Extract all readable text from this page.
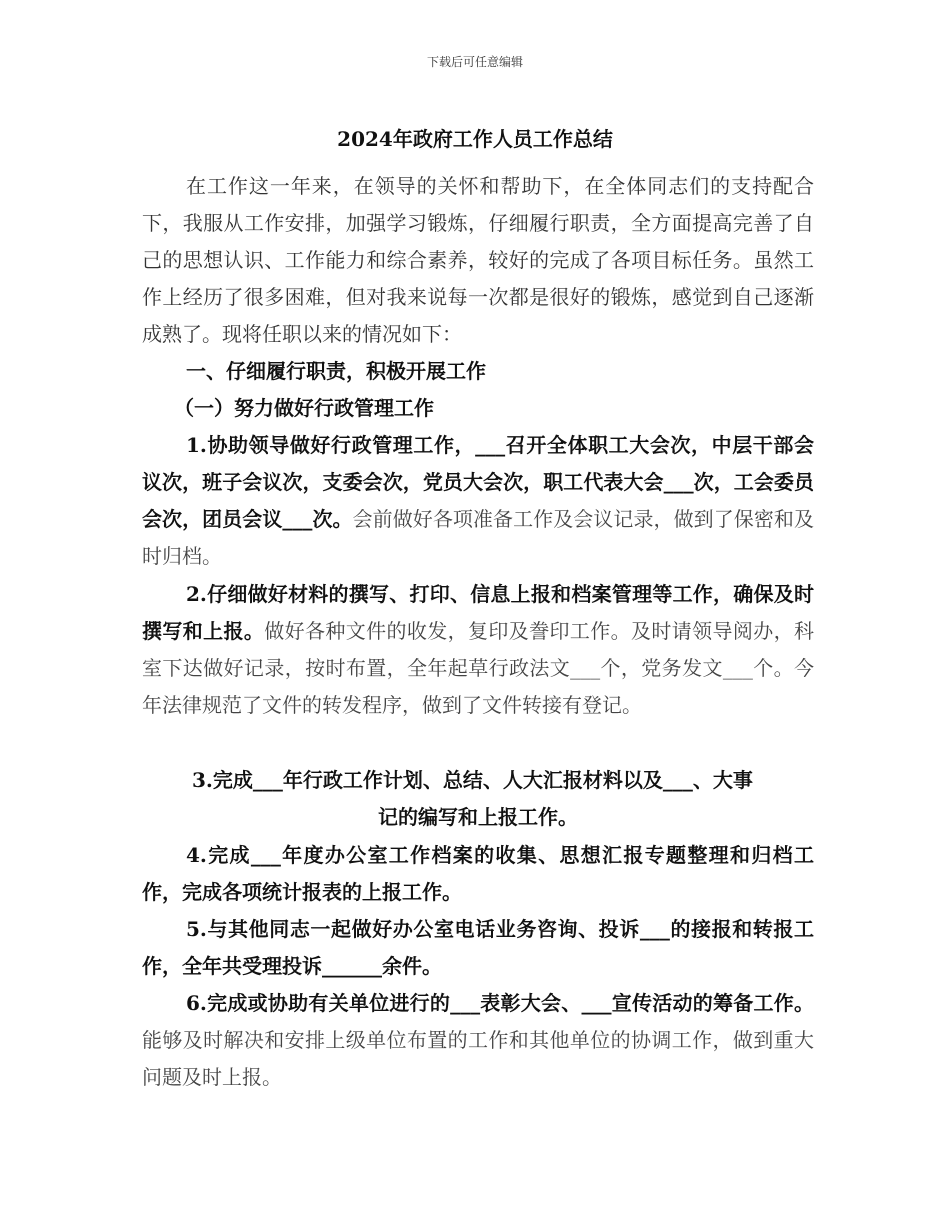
下载后可任意编辑
2024年政府工作人员工作总结
在工作这一年来，在领导的关怀和帮助下，在全体同志们的支持配合下，我服从工作安排，加强学习锻炼，仔细履行职责，全方面提高完善了自己的思想认识、工作能力和综合素养，较好的完成了各项目标任务。虽然工作上经历了很多困难，但对我来说每一次都是很好的锻炼，感觉到自己逐渐成熟了。现将任职以来的情况如下：
一、仔细履行职责，积极开展工作
（一）努力做好行政管理工作
1.协助领导做好行政管理工作，___召开全体职工大会次，中层干部会议次，班子会议次，支委会次，党员大会次，职工代表大会___次，工会委员会次，团员会议___次。会前做好各项准备工作及会议记录，做到了保密和及时归档。
2.仔细做好材料的撰写、打印、信息上报和档案管理等工作，确保及时撰写和上报。做好各种文件的收发，复印及誊印工作。及时请领导阅办，科室下达做好记录，按时布置，全年起草行政法文___个，党务发文___个。今年法律规范了文件的转发程序，做到了文件转接有登记。
3.完成___年行政工作计划、总结、人大汇报材料以及___、大事
记的编写和上报工作。
4.完成___年度办公室工作档案的收集、思想汇报专题整理和归档工作，完成各项统计报表的上报工作。
5.与其他同志一起做好办公室电话业务咨询、投诉___的接报和转报工作，全年共受理投诉______余件。
6.完成或协助有关单位进行的___表彰大会、___宣传活动的筹备工作。能够及时解决和安排上级单位布置的工作和其他单位的协调工作，做到重大问题及时上报。
